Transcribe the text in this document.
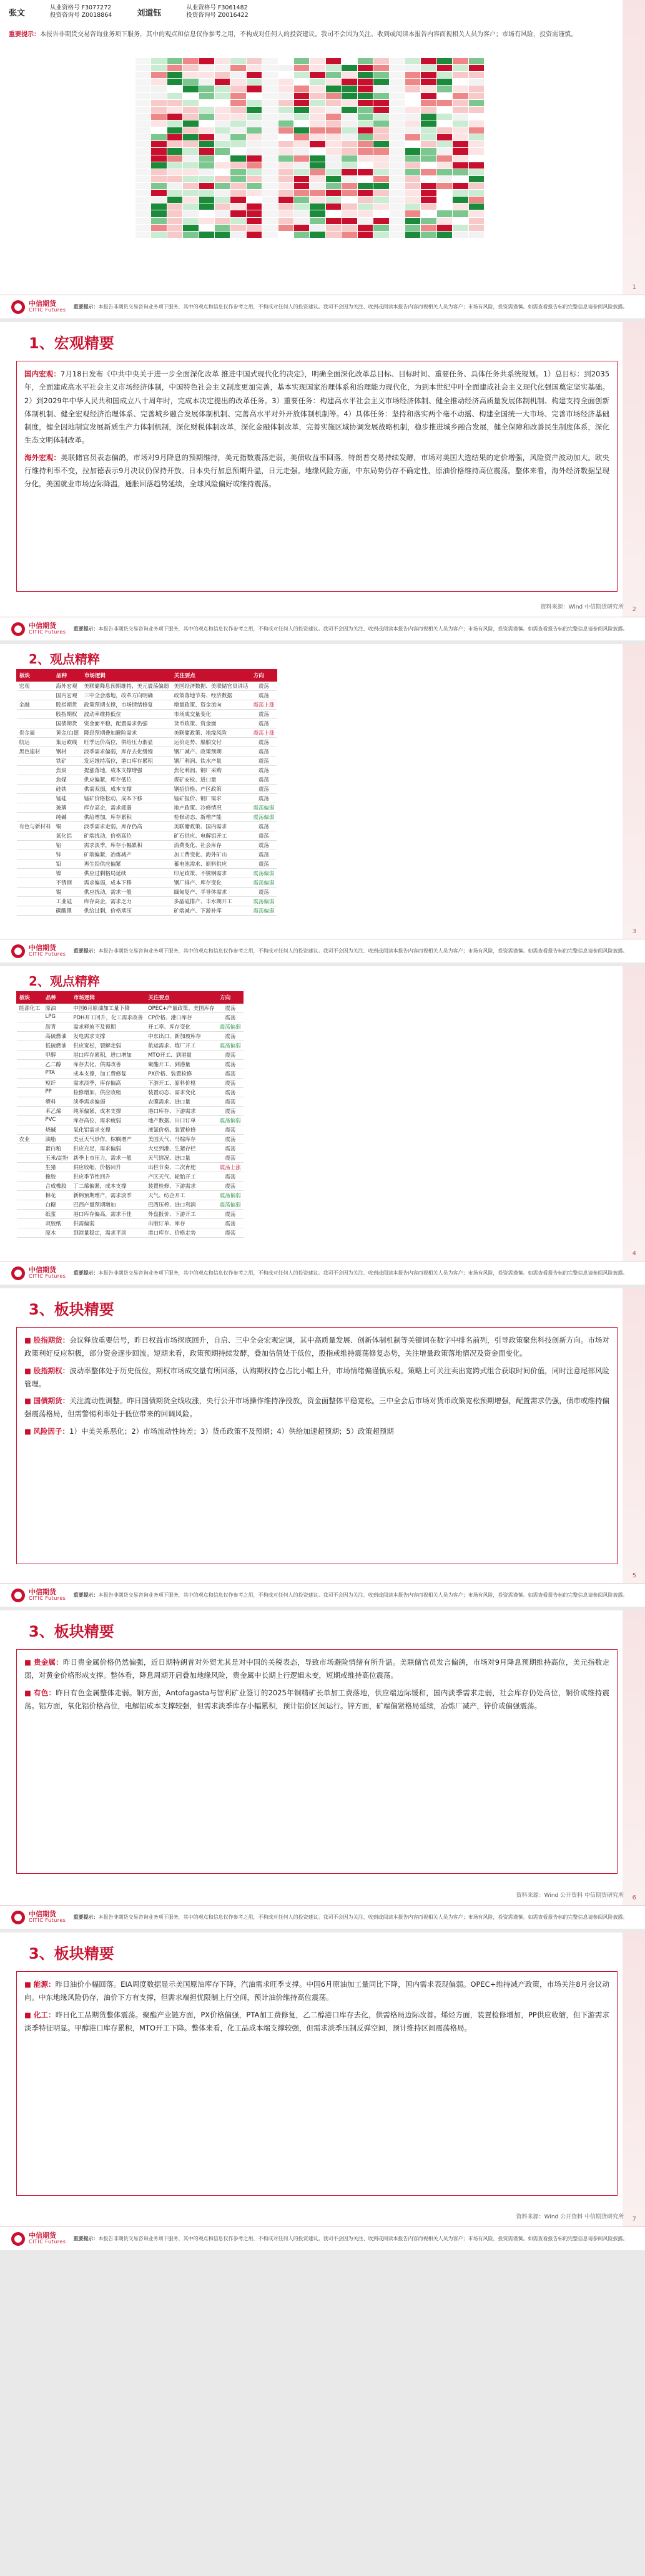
张文
从业资格号 F3077272
投资咨询号 Z0018864	刘道钰
从业资格号 F3061482
投资咨询号 Z0016422
重要提示：本报告非期货交易咨询业务项下服务，其中的观点和信息仅作参考之用，不构成对任何人的投资建议。我司不会因为关注、收到或阅读本报告内容而视相关人员为客户；市场有风险，投资需谨慎。

1
中信期货
CITIC Futures
重要提示：本报告非期货交易咨询业务项下服务，其中的观点和信息仅作参考之用，不构成对任何人的投资建议。我司不会因为关注、收到或阅读本报告内容而视相关人员为客户；市场有风险，投资需谨慎。如需查看报告标的完整信息请参阅风险披露。
1、宏观精要
国内宏观：7月18日发布《中共中央关于进一步全面深化改革 推进中国式现代化的决定》，明确全面深化改革总目标、目标时间、重要任务、具体任务共系统规划。1）总目标：到2035年，全面建成高水平社会主义市场经济体制，中国特色社会主义制度更加完善，基本实现国家治理体系和治理能力现代化，为到本世纪中叶全面建成社会主义现代化强国奠定坚实基础。2）到2029年中华人民共和国成立八十周年时，完成本决定提出的改革任务。3）重要任务：构建高水平社会主义市场经济体制、健全推动经济高质量发展体制机制、构建支持全面创新体制机制、健全宏观经济治理体系、完善城乡融合发展体制机制、完善高水平对外开放体制机制等。4）具体任务：坚持和落实两个毫不动摇、构建全国统一大市场、完善市场经济基础制度，健全因地制宜发展新质生产力体制机制，深化财税体制改革，深化金融体制改革，完善实施区域协调发展战略机制，稳步推进城乡融合发展，健全保障和改善民生制度体系，深化生态文明体制改革。
海外宏观：美联储官员表态偏鸽，市场对9月降息的预期维持，美元指数震荡走弱，美债收益率回落。特朗普交易持续发酵，市场对美国大选结果的定价增强，风险资产波动加大。欧央行维持利率不变，拉加德表示9月决议仍保持开放。日本央行加息预期升温，日元走强。地缘风险方面，中东局势仍存不确定性，原油价格维持高位震荡。整体来看，海外经济数据呈现分化，美国就业市场边际降温，通胀回落趋势延续，全球风险偏好或维持震荡。
资料来源：Wind 中信期货研究所 2
中信期货
CITIC Futures
重要提示：本报告非期货交易咨询业务项下服务，其中的观点和信息仅作参考之用，不构成对任何人的投资建议。我司不会因为关注、收到或阅读本报告内容而视相关人员为客户；市场有风险，投资需谨慎。如需查看报告标的完整信息请参阅风险披露。
2、观点精粹
板块	品种	市场逻辑	关注要点	方向
宏观	海外宏观	美联储降息预期维持，美元震荡偏弱	美国经济数据、美联储官员讲话	震荡
	国内宏观	三中全会落地，改革方向明确	政策落地节奏、经济数据	震荡
金融	股指期货	政策预期支撑，市场情绪修复	增量政策、资金流向	震荡上涨
	股指期权	波动率维持低位	市场成交量变化	震荡
	国债期货	资金面平稳，配置需求仍强	货币政策、资金面	震荡
贵金属	黄金/白银	降息预期叠加避险需求	美联储政策、地缘风险	震荡上涨
航运	集运欧线	旺季运价高位，供给压力渐显	运价走势、船舶交付	震荡
黑色建材	钢材	淡季需求偏弱，库存去化缓慢	钢厂减产、政策预期	震荡
	铁矿	发运维持高位，港口库存累积	钢厂利润、铁水产量	震荡
	焦炭	提涨落地，成本支撑增强	焦化利润、钢厂采购	震荡
	焦煤	供应偏紧，库存低位	煤矿安检、进口量	震荡
	硅铁	供需双弱，成本支撑	钢招价格、产区政策	震荡
	锰硅	锰矿价格松动，成本下移	锰矿报价、钢厂需求	震荡
	玻璃	库存高企，需求疲弱	地产政策、冷修情况	震荡偏弱
	纯碱	供给增加，库存累积	检修动态、新增产能	震荡偏弱
有色与新材料	铜	淡季需求走弱，库存仍高	美联储政策、国内需求	震荡
	氧化铝	矿端扰动，价格高位	矿石供应、电解铝开工	震荡
	铝	需求淡季，库存小幅累积	消费变化、社会库存	震荡
	锌	矿端偏紧，冶炼减产	加工费变化、海外矿山	震荡
	铅	再生铅供应偏紧	蓄电池需求、原料供应	震荡
	镍	供应过剩格局延续	印尼政策、不锈钢需求	震荡偏弱
	不锈钢	需求偏弱，成本下移	钢厂排产、库存变化	震荡偏弱
	锡	供应扰动，需求一般	缅甸复产、半导体需求	震荡
	工业硅	库存高企，需求乏力	多晶硅排产、丰水期开工	震荡偏弱
	碳酸锂	供给过剩，价格承压	矿端减产、下游补库	震荡偏弱
3
中信期货
CITIC Futures
重要提示：本报告非期货交易咨询业务项下服务，其中的观点和信息仅作参考之用，不构成对任何人的投资建议。我司不会因为关注、收到或阅读本报告内容而视相关人员为客户；市场有风险，投资需谨慎。如需查看报告标的完整信息请参阅风险披露。
2、观点精粹
板块	品种	市场逻辑	关注要点	方向
能源化工	原油	中国6月原油加工量下降	OPEC+产量政策、美国库存	震荡
	LPG	PDH开工回升，化工需求改善	CP价格、港口库存	震荡
	沥青	需求释放不及预期	开工率、库存变化	震荡偏弱
	高硫燃油	发电需求支撑	中东出口、新加坡库存	震荡
	低硫燃油	供应宽松，裂解走弱	航运需求、炼厂开工	震荡偏弱
	甲醇	港口库存累积，进口增加	MTO开工、到港量	震荡
	乙二醇	库存去化，供需改善	聚酯开工、到港量	震荡
	PTA	成本支撑，加工费修复	PX价格、装置检修	震荡
	短纤	需求淡季，库存偏高	下游开工、原料价格	震荡
	PP	检修增加，供应收缩	装置动态、需求变化	震荡
	塑料	淡季需求偏弱	农膜需求、进口量	震荡
	苯乙烯	纯苯偏紧，成本支撑	港口库存、下游需求	震荡
	PVC	库存高位，需求疲弱	地产数据、出口订单	震荡偏弱
	烧碱	氧化铝需求支撑	液氯价格、装置检修	震荡
农业	油脂	美豆天气炒作，棕榈增产	美国天气、马棕库存	震荡
	蛋白粕	供应充足，需求偏弱	大豆到港、生猪存栏	震荡
	玉米/淀粉	新季上市压力，需求一般	天气情况、进口量	震荡
	生猪	供应收缩，价格回升	出栏节奏、二次育肥	震荡上涨
	橡胶	供应季节性回升	产区天气、轮胎开工	震荡
	合成橡胶	丁二烯偏紧，成本支撑	装置检修、下游需求	震荡
	棉花	新棉预期增产，需求淡季	天气、纺企开工	震荡偏弱
	白糖	巴西产量预期增加	巴西压榨、进口利润	震荡偏弱
	纸浆	港口库存偏高，需求不佳	外盘报价、下游开工	震荡
	双胶纸	供需偏弱	出版订单、库存	震荡
	原木	到港量稳定，需求平淡	港口库存、价格走势	震荡
4
中信期货
CITIC Futures
重要提示：本报告非期货交易咨询业务项下服务，其中的观点和信息仅作参考之用，不构成对任何人的投资建议。我司不会因为关注、收到或阅读本报告内容而视相关人员为客户；市场有风险，投资需谨慎。如需查看报告标的完整信息请参阅风险披露。
3、板块精要
■ 股指期货：会议释放重要信号，昨日权益市场探底回升，自启、三中全会宏观定调，其中高质量发展、创新体制机制等关键词在数字中排名前列，引导政策聚焦科技创新方向。市场对政策利好反应积极，部分资金逐步回流。短期来看，政策预期持续发酵，叠加估值处于低位，股指或维持震荡修复态势，关注增量政策落地情况及资金面变化。
■ 股指期权：波动率整体处于历史低位，期权市场成交量有所回落，认购期权持仓占比小幅上升，市场情绪偏谨慎乐观。策略上可关注卖出宽跨式组合获取时间价值，同时注意尾部风险管理。
■ 国债期货：关注流动性调整。昨日国债期货全线收涨，央行公开市场操作维持净投放，资金面整体平稳宽松。三中全会后市场对货币政策宽松预期增强，配置需求仍强，债市或维持偏强震荡格局，但需警惕利率处于低位带来的回调风险。
■ 风险因子：1）中美关系恶化；2）市场流动性转差；3）货币政策不及预期；4）供给加速超预期；5）政策超预期
5
中信期货
CITIC Futures
重要提示：本报告非期货交易咨询业务项下服务，其中的观点和信息仅作参考之用，不构成对任何人的投资建议。我司不会因为关注、收到或阅读本报告内容而视相关人员为客户；市场有风险，投资需谨慎。如需查看报告标的完整信息请参阅风险披露。
3、板块精要
■ 贵金属：昨日贵金属价格仍然偏强，近日期特朗普对外贸尤其是对中国的关税表态，导致市场避险情绪有所升温。美联储官员发言偏鸽，市场对9月降息预期维持高位，美元指数走弱，对黄金价格形成支撑。整体看，降息周期开启叠加地缘风险，贵金属中长期上行逻辑未变，短期或维持高位震荡。
■ 有色：昨日有色金属整体走弱。铜方面，Antofagasta与智利矿业签订的2025年铜精矿长单加工费落地，供应端边际缓和，国内淡季需求走弱，社会库存仍处高位，铜价或维持震荡。铝方面，氧化铝价格高位，电解铝成本支撑较强，但需求淡季库存小幅累积，预计铝价区间运行。锌方面，矿端偏紧格局延续，冶炼厂减产，锌价或偏强震荡。
资料来源：Wind 公开资料 中信期货研究所 6
中信期货
CITIC Futures
重要提示：本报告非期货交易咨询业务项下服务，其中的观点和信息仅作参考之用，不构成对任何人的投资建议。我司不会因为关注、收到或阅读本报告内容而视相关人员为客户；市场有风险，投资需谨慎。如需查看报告标的完整信息请参阅风险披露。
3、板块精要
■ 能源：昨日油价小幅回落。EIA周度数据显示美国原油库存下降，汽油需求旺季支撑。中国6月原油加工量同比下降，国内需求表现偏弱。OPEC+维持减产政策，市场关注8月会议动向。中东地缘风险仍存，油价下方有支撑，但需求端担忧限制上行空间，预计油价维持高位震荡。
■ 化工：昨日化工品期货整体震荡。聚酯产业链方面，PX价格偏强，PTA加工费修复，乙二醇港口库存去化，供需格局边际改善。烯烃方面，装置检修增加，PP供应收缩，但下游需求淡季特征明显。甲醇港口库存累积，MTO开工下降。整体来看，化工品成本端支撑较强，但需求淡季压制反弹空间，预计维持区间震荡格局。
资料来源：Wind 公开资料 中信期货研究所 7
中信期货
CITIC Futures
重要提示：本报告非期货交易咨询业务项下服务，其中的观点和信息仅作参考之用，不构成对任何人的投资建议。我司不会因为关注、收到或阅读本报告内容而视相关人员为客户；市场有风险，投资需谨慎。如需查看报告标的完整信息请参阅风险披露。
